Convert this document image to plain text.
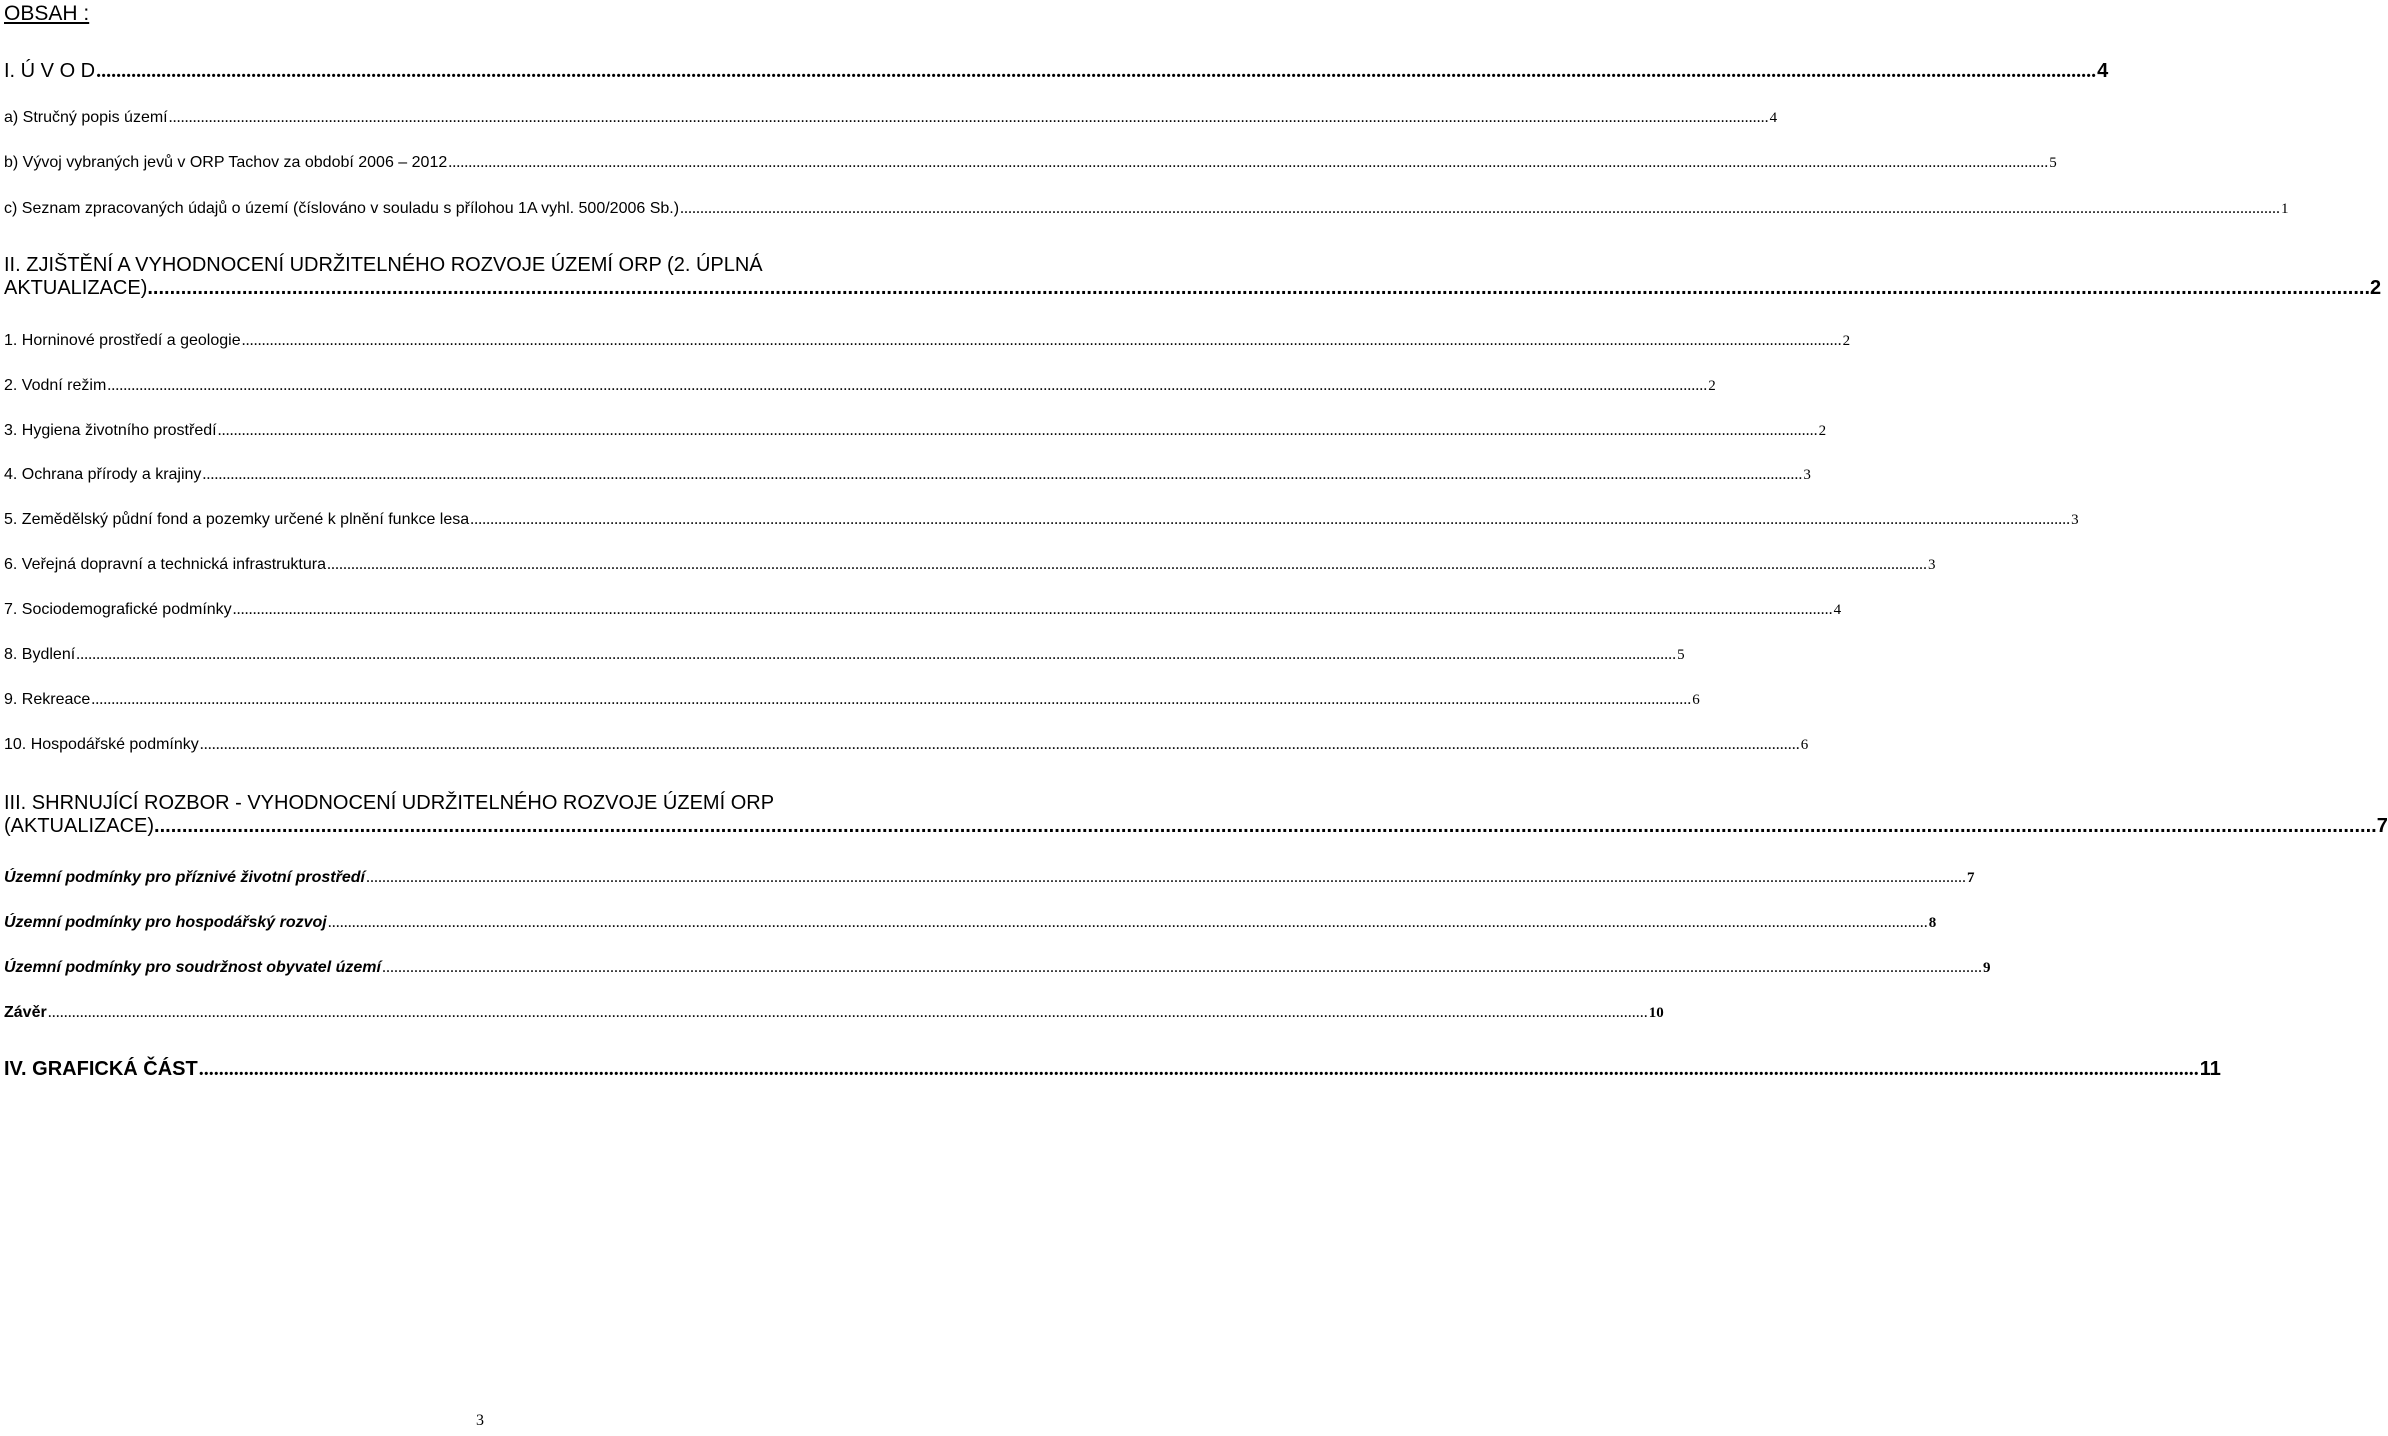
OBSAH :
I. Ú V O D ................................................................................................................................................................................................................................................................................................................................................................................................................ 4
a) Stručný popis území ................................................................................................................................................................................................................................................................................................................................................................................................................ 4
b) Vývoj vybraných jevů v ORP Tachov za období 2006 – 2012 ................................................................................................................................................................................................................................................................................................................................................................................................................ 5
c) Seznam zpracovaných údajů o území (číslováno v souladu s přílohou 1A vyhl. 500/2006 Sb.) ................................................................................................................................................................................................................................................................................................................................................................................................................ 1
II. ZJIŠTĚNÍ A VYHODNOCENÍ UDRŽITELNÉHO ROZVOJE ÚZEMÍ ORP (2. ÚPLNÁ
AKTUALIZACE) ................................................................................................................................................................................................................................................................................................................................................................................................................ 2
1. Horninové prostředí a geologie ................................................................................................................................................................................................................................................................................................................................................................................................................ 2
2. Vodní režim ................................................................................................................................................................................................................................................................................................................................................................................................................ 2
3. Hygiena životního prostředí ................................................................................................................................................................................................................................................................................................................................................................................................................ 2
4. Ochrana přírody a krajiny ................................................................................................................................................................................................................................................................................................................................................................................................................ 3
5. Zemědělský půdní fond a pozemky určené k plnění funkce lesa ................................................................................................................................................................................................................................................................................................................................................................................................................ 3
6. Veřejná dopravní a technická infrastruktura ................................................................................................................................................................................................................................................................................................................................................................................................................ 3
7. Sociodemografické podmínky ................................................................................................................................................................................................................................................................................................................................................................................................................ 4
8. Bydlení ................................................................................................................................................................................................................................................................................................................................................................................................................ 5
9. Rekreace ................................................................................................................................................................................................................................................................................................................................................................................................................ 6
10. Hospodářské podmínky ................................................................................................................................................................................................................................................................................................................................................................................................................ 6
III. SHRNUJÍCÍ ROZBOR - VYHODNOCENÍ UDRŽITELNÉHO ROZVOJE ÚZEMÍ ORP
(AKTUALIZACE) ................................................................................................................................................................................................................................................................................................................................................................................................................ 7
Územní podmínky pro příznivé životní prostředí ................................................................................................................................................................................................................................................................................................................................................................................................................ 7
Územní podmínky pro hospodářský rozvoj ................................................................................................................................................................................................................................................................................................................................................................................................................ 8
Územní podmínky pro soudržnost obyvatel území ................................................................................................................................................................................................................................................................................................................................................................................................................ 9
Závěr ................................................................................................................................................................................................................................................................................................................................................................................................................ 10
IV. GRAFICKÁ ČÁST ................................................................................................................................................................................................................................................................................................................................................................................................................ 11
3
